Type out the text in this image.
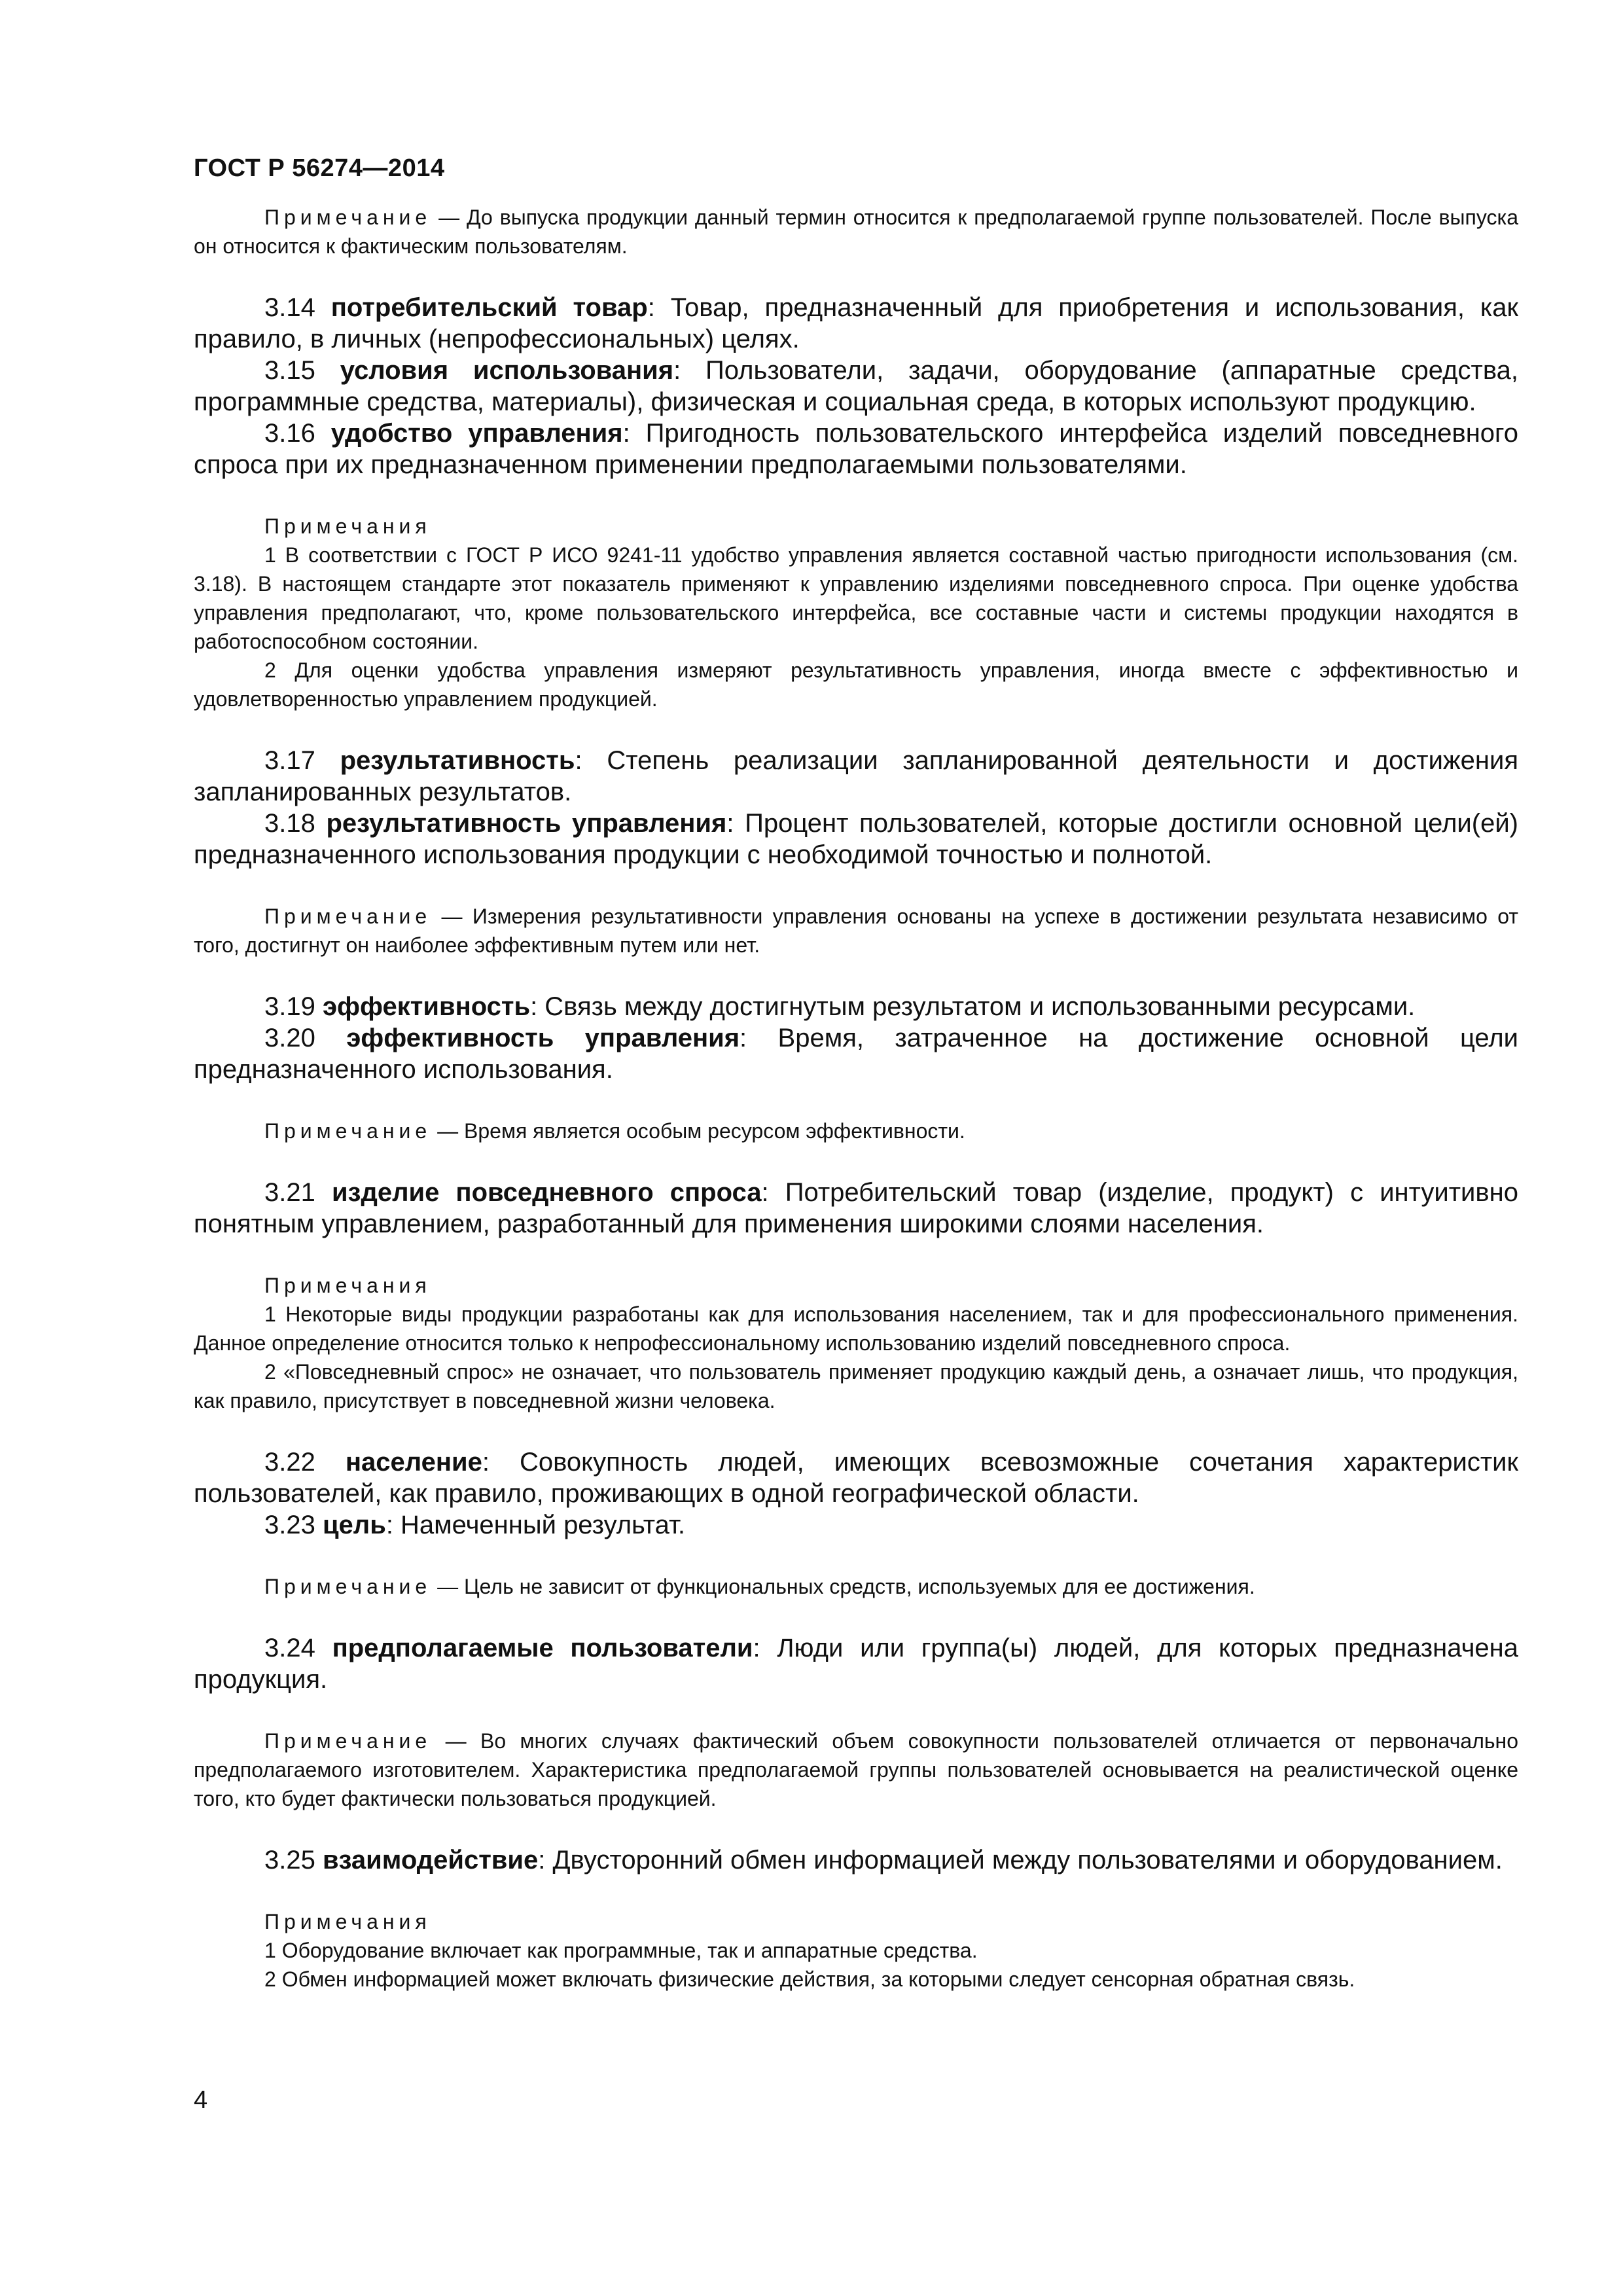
ГОСТ Р 56274—2014

Примечание — До выпуска продукции данный термин относится к предполагаемой группе пользователей. После выпуска он относится к фактическим пользователям.

3.14 потребительский товар: Товар, предназначенный для приобретения и использования, как правило, в личных (непрофессиональных) целях.

3.15 условия использования: Пользователи, задачи, оборудование (аппаратные средства, программные средства, материалы), физическая и социальная среда, в которых используют продукцию.

3.16 удобство управления: Пригодность пользовательского интерфейса изделий повседневного спроса при их предназначенном применении предполагаемыми пользователями.

Примечания

1 В соответствии с ГОСТ Р ИСО 9241-11 удобство управления является составной частью пригодности использования (см. 3.18). В настоящем стандарте этот показатель применяют к управлению изделиями повседневного спроса. При оценке удобства управления предполагают, что, кроме пользовательского интерфейса, все составные части и системы продукции находятся в работоспособном состоянии.

2 Для оценки удобства управления измеряют результативность управления, иногда вместе с эффективностью и удовлетворенностью управлением продукцией.

3.17 результативность: Степень реализации запланированной деятельности и достижения запланированных результатов.

3.18 результативность управления: Процент пользователей, которые достигли основной цели(ей) предназначенного использования продукции с необходимой точностью и полнотой.

Примечание — Измерения результативности управления основаны на успехе в достижении результата независимо от того, достигнут он наиболее эффективным путем или нет.

3.19 эффективность: Связь между достигнутым результатом и использованными ресурсами.

3.20 эффективность управления: Время, затраченное на достижение основной цели предназначенного использования.

Примечание — Время является особым ресурсом эффективности.

3.21 изделие повседневного спроса: Потребительский товар (изделие, продукт) с интуитивно понятным управлением, разработанный для применения широкими слоями населения.

Примечания

1 Некоторые виды продукции разработаны как для использования населением, так и для профессионального применения. Данное определение относится только к непрофессиональному использованию изделий повседневного спроса.

2 «Повседневный спрос» не означает, что пользователь применяет продукцию каждый день, а означает лишь, что продукция, как правило, присутствует в повседневной жизни человека.

3.22 население: Совокупность людей, имеющих всевозможные сочетания характеристик пользователей, как правило, проживающих в одной географической области.

3.23 цель: Намеченный результат.

Примечание — Цель не зависит от функциональных средств, используемых для ее достижения.

3.24 предполагаемые пользователи: Люди или группа(ы) людей, для которых предназначена продукция.

Примечание — Во многих случаях фактический объем совокупности пользователей отличается от первоначально предполагаемого изготовителем. Характеристика предполагаемой группы пользователей основывается на реалистической оценке того, кто будет фактически пользоваться продукцией.

3.25 взаимодействие: Двусторонний обмен информацией между пользователями и оборудованием.

Примечания

1 Оборудование включает как программные, так и аппаратные средства.

2 Обмен информацией может включать физические действия, за которыми следует сенсорная обратная связь.

4
